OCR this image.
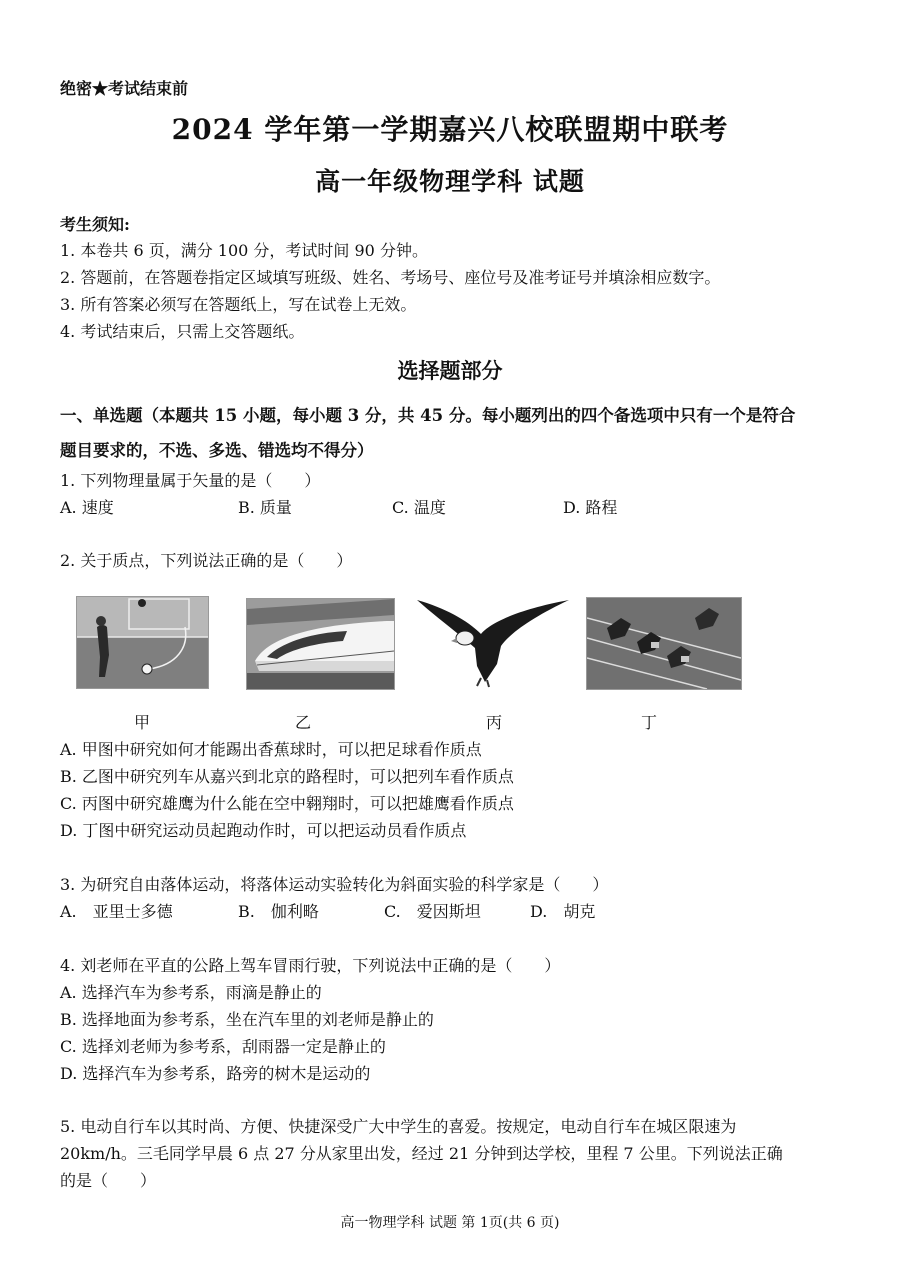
绝密★考试结束前
2024 学年第一学期嘉兴八校联盟期中联考
高一年级物理学科 试题
考生须知:
1. 本卷共 6 页，满分 100 分，考试时间 90 分钟。
2. 答题前，在答题卷指定区域填写班级、姓名、考场号、座位号及准考证号并填涂相应数字。
3. 所有答案必须写在答题纸上，写在试卷上无效。
4. 考试结束后，只需上交答题纸。
选择题部分
一、单选题（本题共 15 小题，每小题 3 分，共 45 分。每小题列出的四个备选项中只有一个是符合
题目要求的，不选、多选、错选均不得分）
1. 下列物理量属于矢量的是（　　）
A. 速度	B. 质量	C. 温度	D. 路程
2. 关于质点，下列说法正确的是（　　）
甲	乙	丙	丁
A. 甲图中研究如何才能踢出香蕉球时，可以把足球看作质点
B. 乙图中研究列车从嘉兴到北京的路程时，可以把列车看作质点
C. 丙图中研究雄鹰为什么能在空中翱翔时，可以把雄鹰看作质点
D. 丁图中研究运动员起跑动作时，可以把运动员看作质点
3. 为研究自由落体运动，将落体运动实验转化为斜面实验的科学家是（　　）
A.　亚里士多德	B.　伽利略	C.　爱因斯坦	D.　胡克
4. 刘老师在平直的公路上驾车冒雨行驶，下列说法中正确的是（　　）
A. 选择汽车为参考系，雨滴是静止的
B. 选择地面为参考系，坐在汽车里的刘老师是静止的
C. 选择刘老师为参考系，刮雨器一定是静止的
D. 选择汽车为参考系，路旁的树木是运动的
5. 电动自行车以其时尚、方便、快捷深受广大中学生的喜爱。按规定，电动自行车在城区限速为
20km/h。三毛同学早晨 6 点 27 分从家里出发，经过 21 分钟到达学校，里程 7 公里。下列说法正确
的是（　　）
高一物理学科 试题 第 1页(共 6 页)
